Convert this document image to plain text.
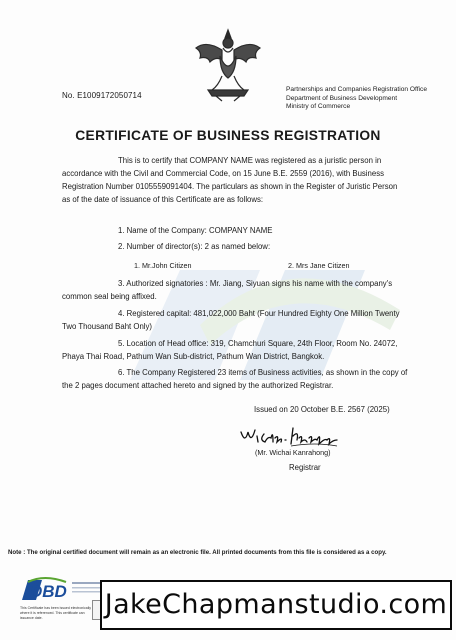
No. E1009172050714
Partnerships and Companies Registration Office
Department of Business Development
Ministry of Commerce
CERTIFICATE OF BUSINESS REGISTRATION
This is to certify that COMPANY NAME was registered as a juristic person in
accordance with the Civil and Commercial Code, on 15 June B.E. 2559 (2016), with Business
Registration Number 0105559091404. The particulars as shown in the Register of Juristic Person
as of the date of issuance of this Certificate are as follows:
1. Name of the Company: COMPANY NAME
2. Number of director(s): 2 as named below:
1. Mr.John Citizen	2. Mrs Jane Citizen
3. Authorized signatories : Mr. Jiang, Siyuan signs his name with the company's
common seal being affixed.
4. Registered capital: 481,022,000 Baht (Four Hundred Eighty One Million Twenty
Two Thousand Baht Only)
5. Location of Head office: 319, Chamchuri Square, 24th Floor, Room No. 24072,
Phaya Thai Road, Pathum Wan Sub-district, Pathum Wan District, Bangkok.
6. The Company Registered 23 items of Business activities, as shown in the copy of
the 2 pages document attached hereto and signed by the authorized Registrar.
Issued on 20 October B.E. 2567 (2025)
(Mr. Wichai Kanrahong)
Registrar
Note : The original certified document will remain as an electronic file. All printed documents from this file is considered as a copy.
DBD
This Certificate has been issued electronically
where it is referenced. This certificate can
issuance date. JakeChapmanstudio.com
